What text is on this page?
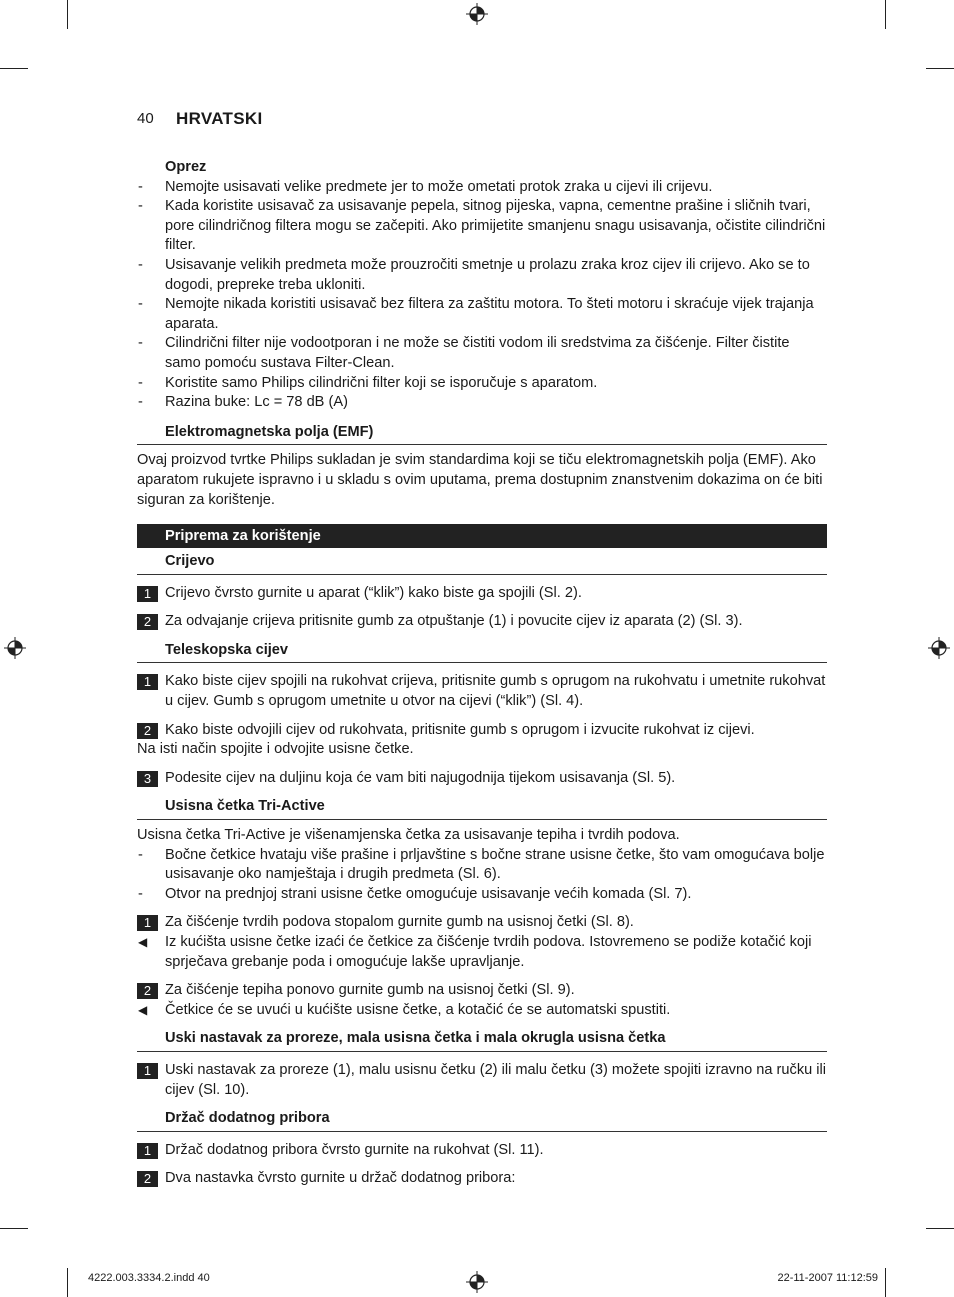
40 HRVATSKI

Oprez

- Nemojte usisavati velike predmete jer to može ometati protok zraka u cijevi ili crijevu.
- Kada koristite usisavač za usisavanje pepela, sitnog pijeska, vapna, cementne prašine i sličnih tvari, pore cilindričnog filtera mogu se začepiti. Ako primijetite smanjenu snagu usisavanja, očistite cilindrični filter.
- Usisavanje velikih predmeta može prouzročiti smetnje u prolazu zraka kroz cijev ili crijevo. Ako se to dogodi, prepreke treba ukloniti.
- Nemojte nikada koristiti usisavač bez filtera za zaštitu motora. To šteti motoru i skraćuje vijek trajanja aparata.
- Cilindrični filter nije vodootporan i ne može se čistiti vodom ili sredstvima za čišćenje. Filter čistite samo pomoću sustava Filter-Clean.
- Koristite samo Philips cilindrični filter koji se isporučuje s aparatom.
- Razina buke: Lc = 78 dB (A)

Elektromagnetska polja (EMF)

Ovaj proizvod tvrtke Philips sukladan je svim standardima koji se tiču elektromagnetskih polja (EMF). Ako aparatom rukujete ispravno i u skladu s ovim uputama, prema dostupnim znanstvenim dokazima on će biti siguran za korištenje.

Priprema za korištenje

Crijevo

1 Crijevo čvrsto gurnite u aparat (“klik”) kako biste ga spojili (Sl. 2).
2 Za odvajanje crijeva pritisnite gumb za otpuštanje (1) i povucite cijev iz aparata (2) (Sl. 3).

Teleskopska cijev

1 Kako biste cijev spojili na rukohvat crijeva, pritisnite gumb s oprugom na rukohvatu i umetnite rukohvat u cijev. Gumb s oprugom umetnite u otvor na cijevi (“klik”) (Sl. 4).
2 Kako biste odvojili cijev od rukohvata, pritisnite gumb s oprugom i izvucite rukohvat iz cijevi.

Na isti način spojite i odvojite usisne četke.

3 Podesite cijev na duljinu koja će vam biti najugodnija tijekom usisavanja (Sl. 5).

Usisna četka Tri-Active

Usisna četka Tri-Active je višenamjenska četka za usisavanje tepiha i tvrdih podova.

- Bočne četkice hvataju više prašine i prljavštine s bočne strane usisne četke, što vam omogućava bolje usisavanje oko namještaja i drugih predmeta (Sl. 6).
- Otvor na prednjoj strani usisne četke omogućuje usisavanje većih komada (Sl. 7).
1 Za čišćenje tvrdih podova stopalom gurnite gumb na usisnoj četki (Sl. 8).
◀ Iz kućišta usisne četke izaći će četkice za čišćenje tvrdih podova. Istovremeno se podiže kotačić koji sprječava grebanje poda i omogućuje lakše upravljanje.
2 Za čišćenje tepiha ponovo gurnite gumb na usisnoj četki (Sl. 9).
◀ Četkice će se uvući u kućište usisne četke, a kotačić će se automatski spustiti.

Uski nastavak za proreze, mala usisna četka i mala okrugla usisna četka

1 Uski nastavak za proreze (1), malu usisnu četku (2) ili malu četku (3) možete spojiti izravno na ručku ili cijev (Sl. 10).

Držač dodatnog pribora

1 Držač dodatnog pribora čvrsto gurnite na rukohvat (Sl. 11).
2 Dva nastavka čvrsto gurnite u držač dodatnog pribora:
4222.003.3334.2.indd 40	22-11-2007 11:12:59
